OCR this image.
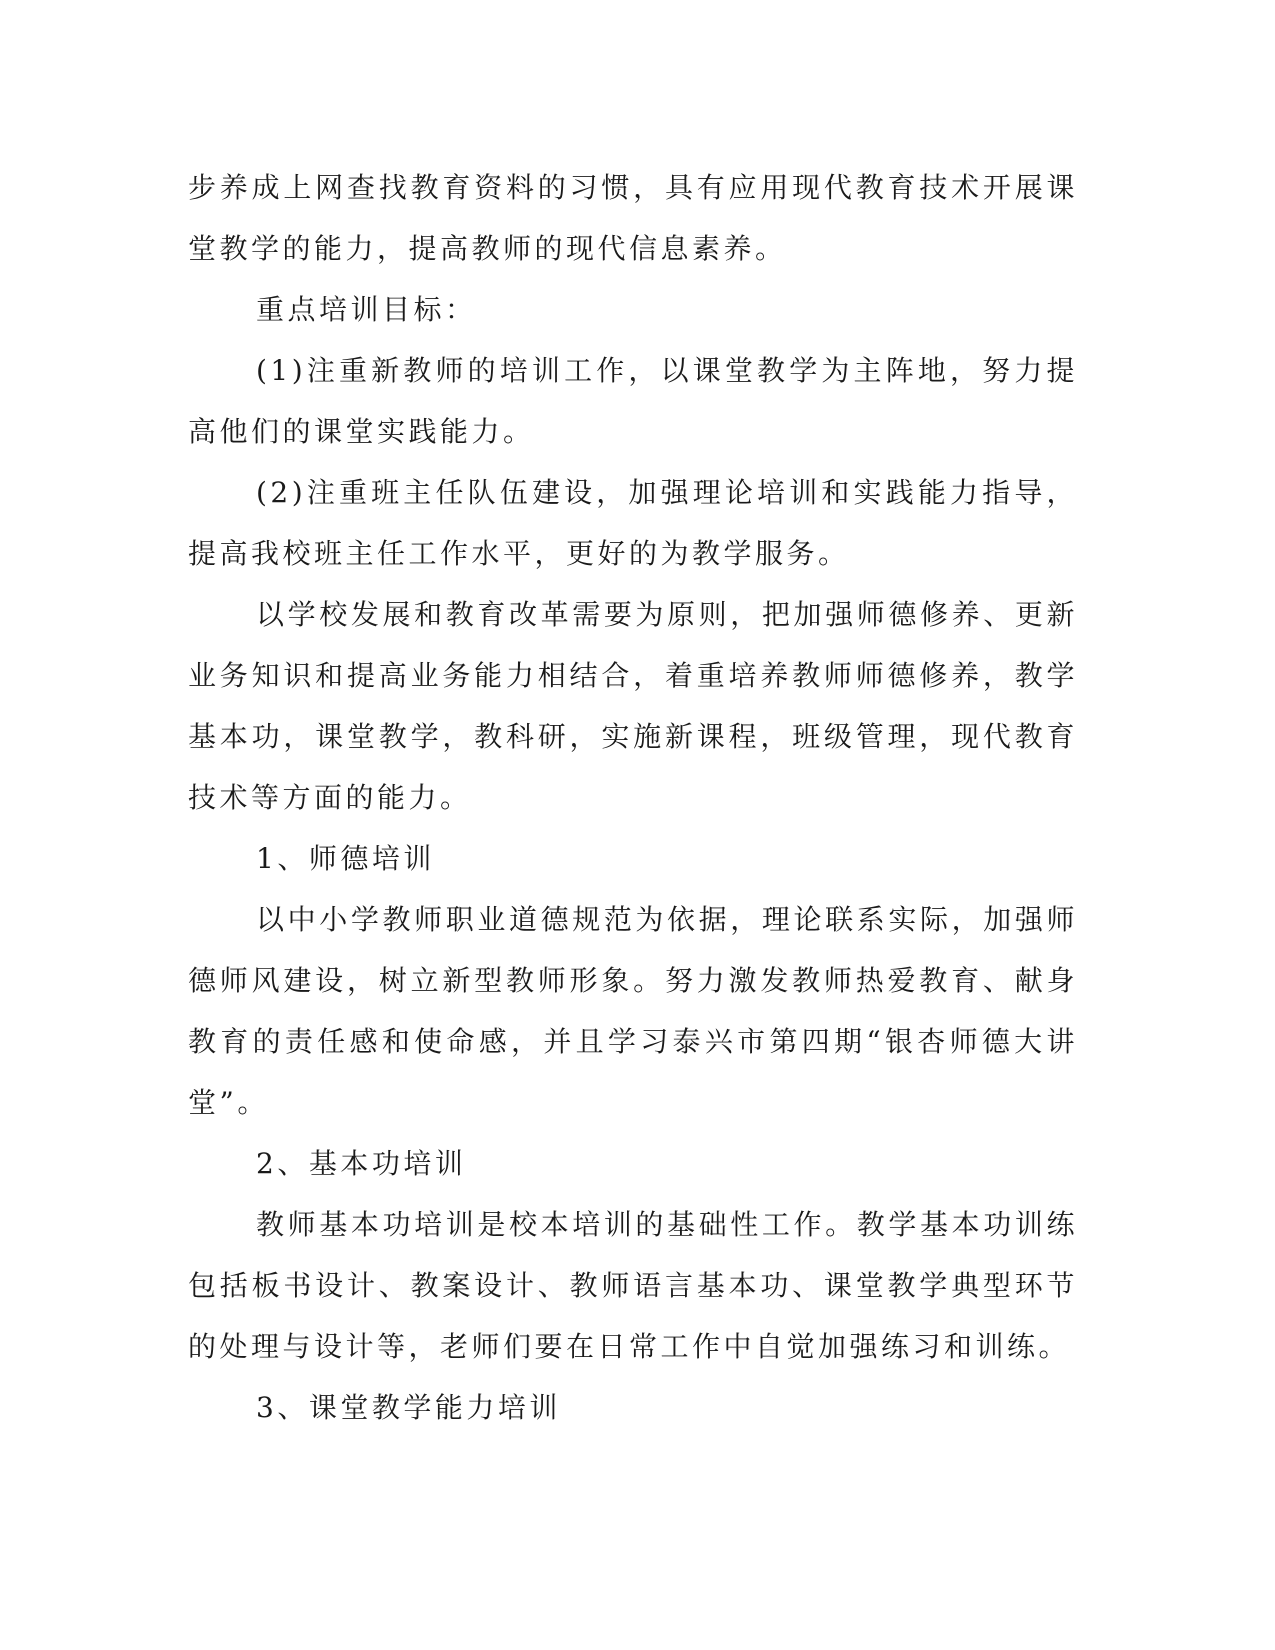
步养成上网查找教育资料的习惯，具有应用现代教育技术开展课堂教学的能力，提高教师的现代信息素养。

重点培训目标：

(1)注重新教师的培训工作，以课堂教学为主阵地，努力提高他们的课堂实践能力。

(2)注重班主任队伍建设，加强理论培训和实践能力指导，提高我校班主任工作水平，更好的为教学服务。

以学校发展和教育改革需要为原则，把加强师德修养、更新业务知识和提高业务能力相结合，着重培养教师师德修养，教学基本功，课堂教学，教科研，实施新课程，班级管理，现代教育技术等方面的能力。

1、师德培训

以中小学教师职业道德规范为依据，理论联系实际，加强师德师风建设，树立新型教师形象。努力激发教师热爱教育、献身教育的责任感和使命感，并且学习泰兴市第四期“银杏师德大讲堂”。

2、基本功培训

教师基本功培训是校本培训的基础性工作。教学基本功训练包括板书设计、教案设计、教师语言基本功、课堂教学典型环节的处理与设计等，老师们要在日常工作中自觉加强练习和训练。

3、课堂教学能力培训
